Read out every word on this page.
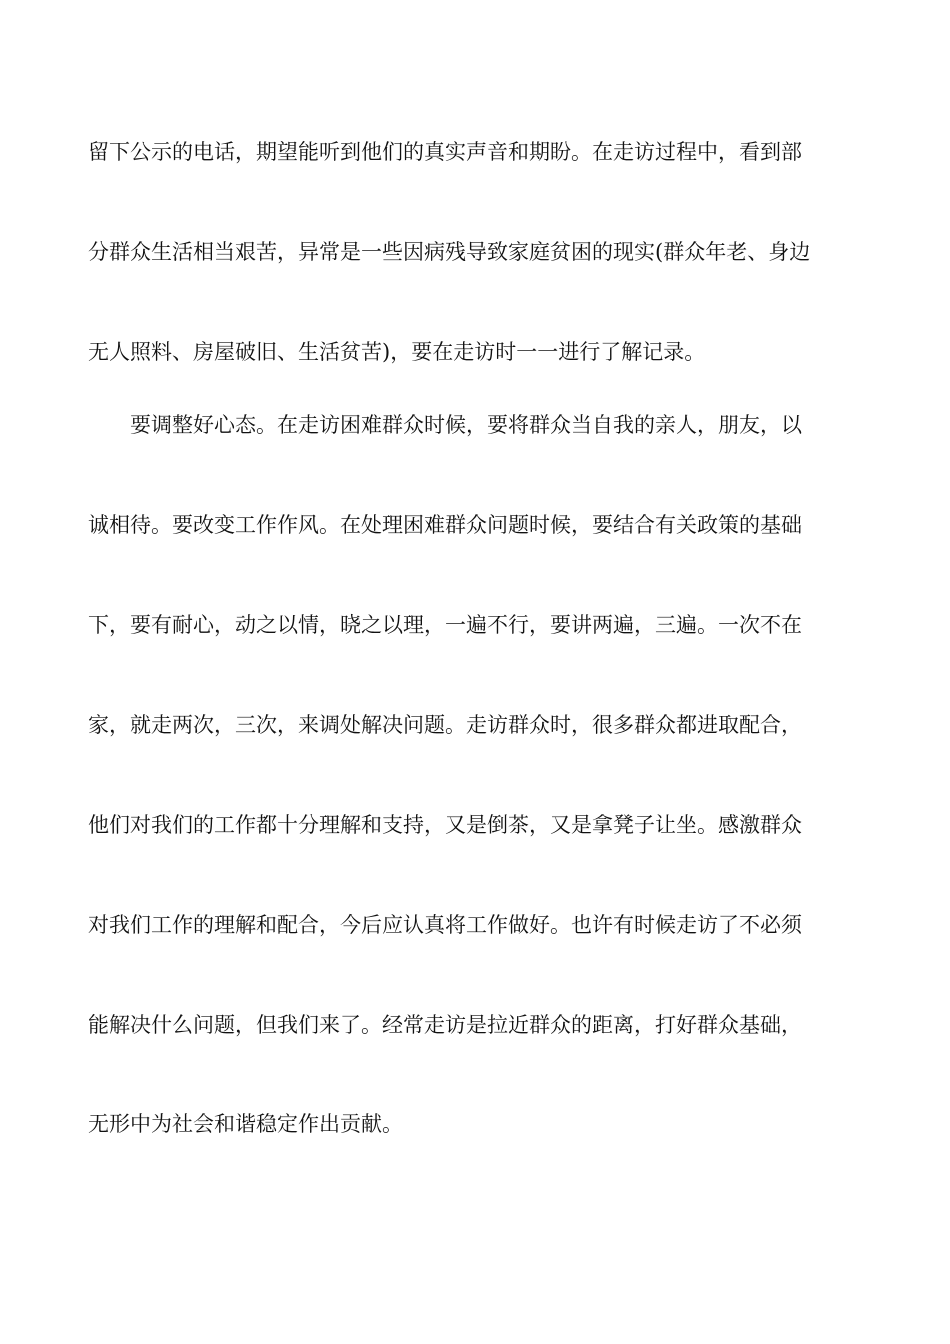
留下公示的电话，期望能听到他们的真实声音和期盼。在走访过程中，看到部
分群众生活相当艰苦，异常是一些因病残导致家庭贫困的现实(群众年老、身边
无人照料、房屋破旧、生活贫苦)，要在走访时一一进行了解记录。
要调整好心态。在走访困难群众时候，要将群众当自我的亲人，朋友，以
诚相待。要改变工作作风。在处理困难群众问题时候，要结合有关政策的基础
下，要有耐心，动之以情，晓之以理，一遍不行，要讲两遍，三遍。一次不在
家，就走两次，三次，来调处解决问题。走访群众时，很多群众都进取配合，
他们对我们的工作都十分理解和支持，又是倒茶，又是拿凳子让坐。感激群众
对我们工作的理解和配合，今后应认真将工作做好。也许有时候走访了不必须
能解决什么问题，但我们来了。经常走访是拉近群众的距离，打好群众基础，
无形中为社会和谐稳定作出贡献。
